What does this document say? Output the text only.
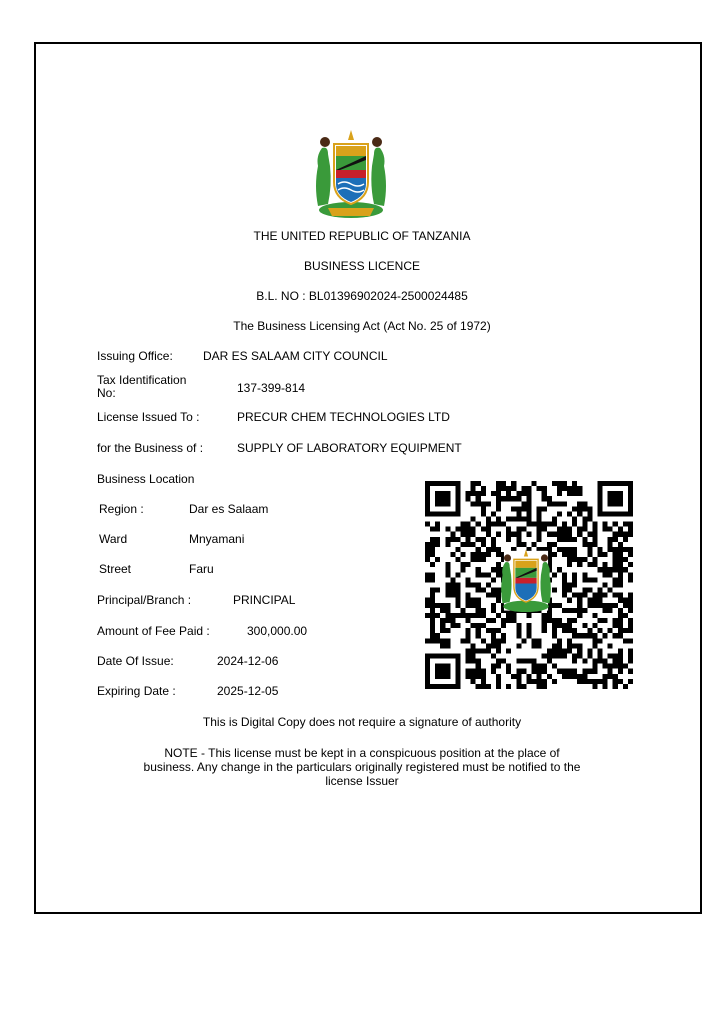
THE UNITED REPUBLIC OF TANZANIA
BUSINESS LICENCE
B.L. NO : BL01396902024-2500024485
The Business Licensing Act (Act No. 25 of 1972)
Issuing Office:	DAR ES SALAAM CITY COUNCIL
Tax Identification No:	137-399-814
License Issued To :	PRECUR CHEM TECHNOLOGIES LTD
for the Business of :	SUPPLY OF LABORATORY EQUIPMENT
Business Location
Region :	Dar es Salaam
Ward	Mnyamani
Street	Faru
Principal/Branch :	PRINCIPAL
Amount of Fee Paid :	300,000.00
Date Of Issue:	2024-12-06
Expiring Date :	2025-12-05
This is Digital Copy does not require a signature of authority
NOTE - This license must be kept in a conspicuous position at the place of business. Any change in the particulars originally registered must be notified to the license Issuer
